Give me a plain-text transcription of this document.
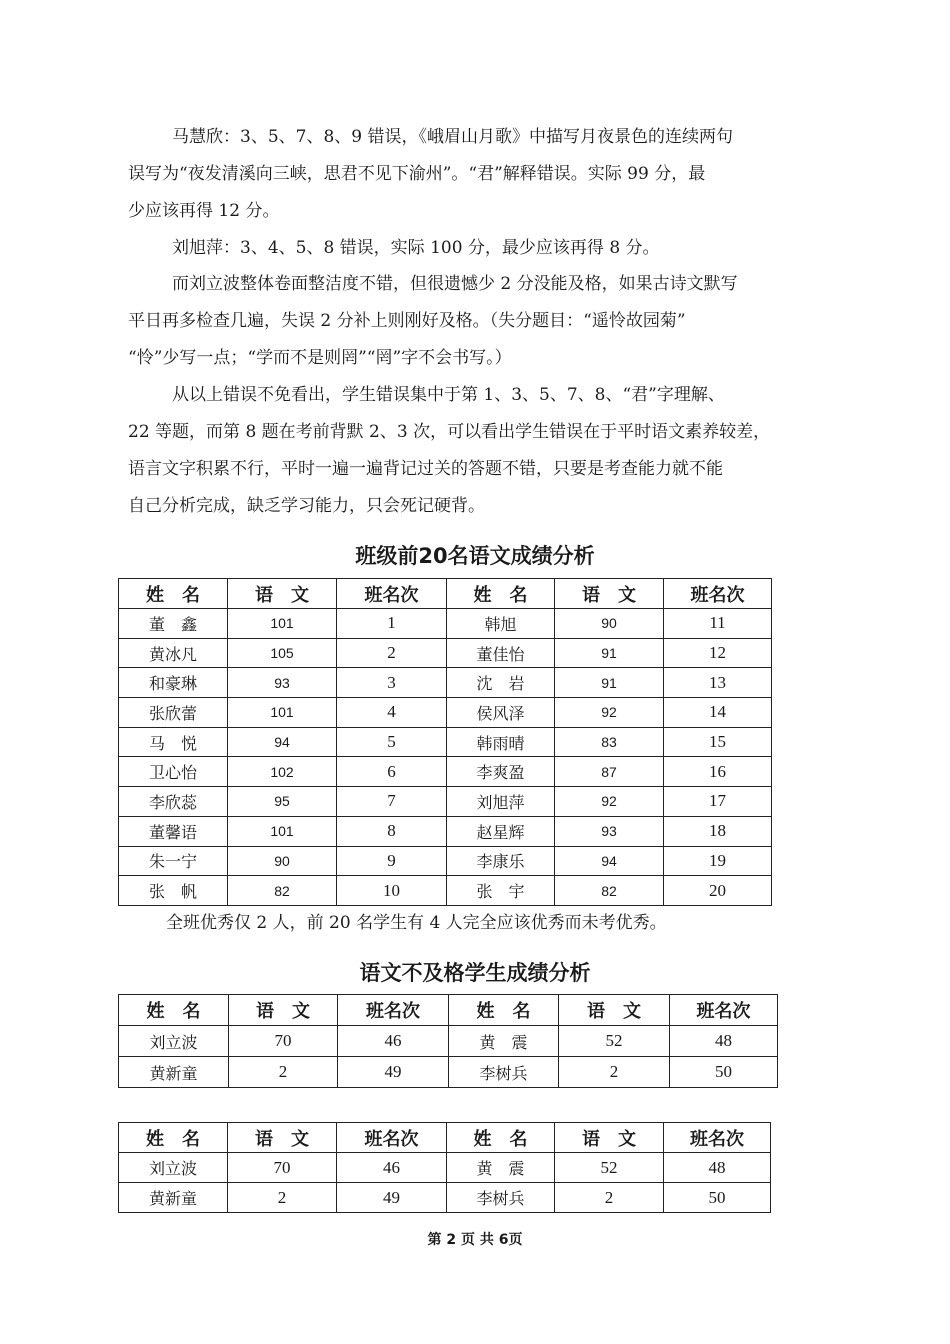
马慧欣：3、5、7、8、9 错误，《峨眉山月歌》中描写月夜景色的连续两句
误写为“夜发清溪向三峡，思君不见下渝州”。“君”解释错误。实际 99 分，最
少应该再得 12 分。
刘旭萍：3、4、5、8 错误，实际 100 分，最少应该再得 8 分。
而刘立波整体卷面整洁度不错，但很遗憾少 2 分没能及格，如果古诗文默写
平日再多检查几遍，失误 2 分补上则刚好及格。（失分题目：“遥怜故园菊”
“怜”少写一点；“学而不是则罔”“罔”字不会书写。）
从以上错误不免看出，学生错误集中于第 1、3、5、7、8、“君”字理解、
22 等题，而第 8 题在考前背默 2、3 次，可以看出学生错误在于平时语文素养较差，
语言文字积累不行，平时一遍一遍背记过关的答题不错，只要是考查能力就不能
自己分析完成，缺乏学习能力，只会死记硬背。
班级前20名语文成绩分析
姓　名	语　文	班名次	姓　名	语　文	班名次
董　鑫	101	1	韩旭	90	11
黄冰凡	105	2	董佳怡	91	12
和豪琳	93	3	沈　岩	91	13
张欣蕾	101	4	侯风泽	92	14
马　悦	94	5	韩雨晴	83	15
卫心怡	102	6	李爽盈	87	16
李欣蕊	95	7	刘旭萍	92	17
董馨语	101	8	赵星辉	93	18
朱一宁	90	9	李康乐	94	19
张　帆	82	10	张　宇	82	20

全班优秀仅 2 人，前 20 名学生有 4 人完全应该优秀而未考优秀。

语文不及格学生成绩分析
姓　名	语　文	班名次	姓　名	语　文	班名次
刘立波	70	46	黄　震	52	48
黄新童	2	49	李树兵	2	50
姓　名	语　文	班名次	姓　名	语　文	班名次
刘立波	70	46	黄　震	52	48
黄新童	2	49	李树兵	2	50
第 2 页 共 6页
